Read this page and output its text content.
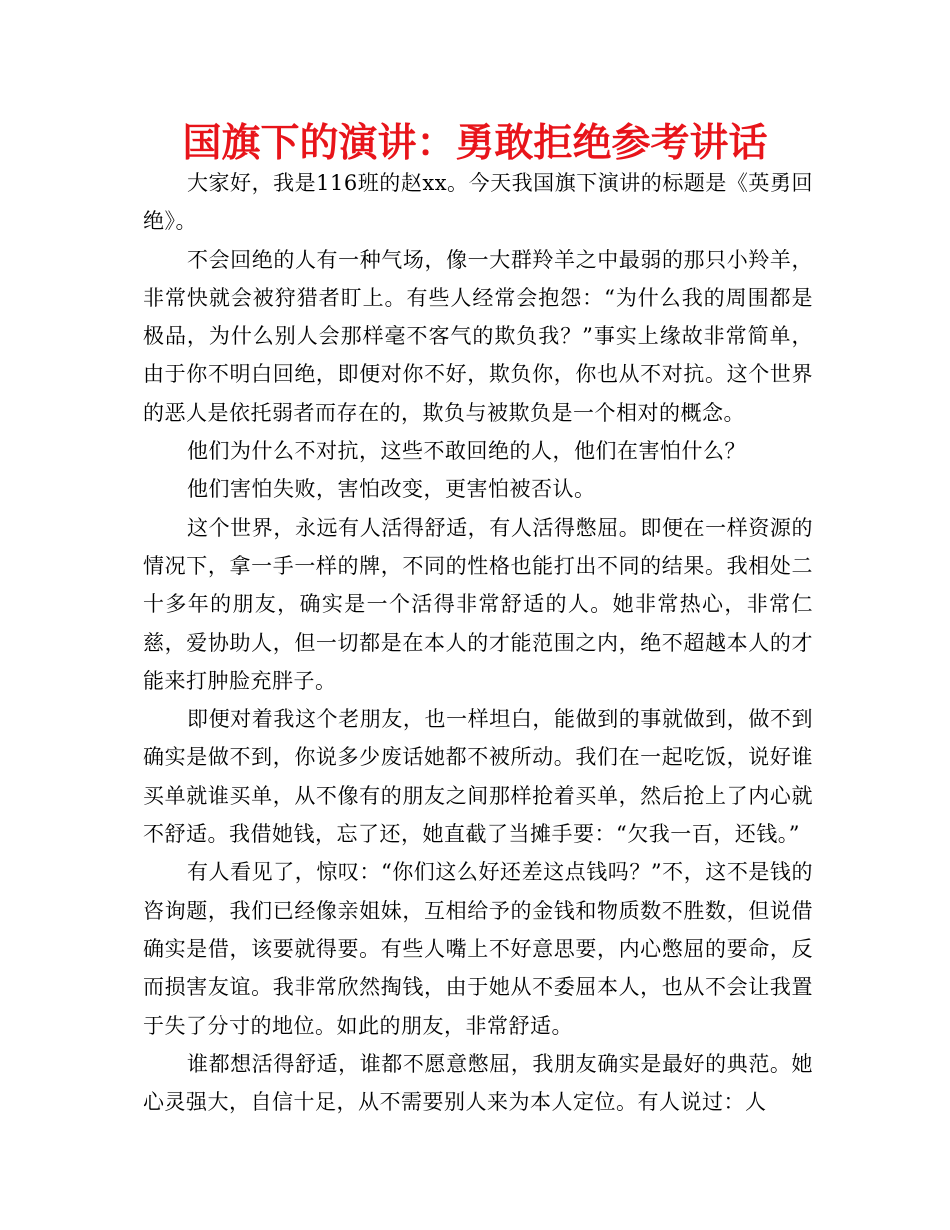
国旗下的演讲：勇敢拒绝参考讲话

大家好，我是116班的赵xx。今天我国旗下演讲的标题是《英勇回绝》。

不会回绝的人有一种气场，像一大群羚羊之中最弱的那只小羚羊，非常快就会被狩猎者盯上。有些人经常会抱怨：“为什么我的周围都是极品，为什么别人会那样毫不客气的欺负我？”事实上缘故非常简单，由于你不明白回绝，即便对你不好，欺负你，你也从不对抗。这个世界的恶人是依托弱者而存在的，欺负与被欺负是一个相对的概念。

他们为什么不对抗，这些不敢回绝的人，他们在害怕什么？

他们害怕失败，害怕改变，更害怕被否认。

这个世界，永远有人活得舒适，有人活得憋屈。即便在一样资源的情况下，拿一手一样的牌，不同的性格也能打出不同的结果。我相处二十多年的朋友，确实是一个活得非常舒适的人。她非常热心，非常仁慈，爱协助人，但一切都是在本人的才能范围之内，绝不超越本人的才能来打肿脸充胖子。

即便对着我这个老朋友，也一样坦白，能做到的事就做到，做不到确实是做不到，你说多少废话她都不被所动。我们在一起吃饭，说好谁买单就谁买单，从不像有的朋友之间那样抢着买单，然后抢上了内心就不舒适。我借她钱，忘了还，她直截了当摊手要：“欠我一百，还钱。”

有人看见了，惊叹：“你们这么好还差这点钱吗？”不，这不是钱的咨询题，我们已经像亲姐妹，互相给予的金钱和物质数不胜数，但说借确实是借，该要就得要。有些人嘴上不好意思要，内心憋屈的要命，反而损害友谊。我非常欣然掏钱，由于她从不委屈本人，也从不会让我置于失了分寸的地位。如此的朋友，非常舒适。

谁都想活得舒适，谁都不愿意憋屈，我朋友确实是最好的典范。她心灵强大，自信十足，从不需要别人来为本人定位。有人说过：人
